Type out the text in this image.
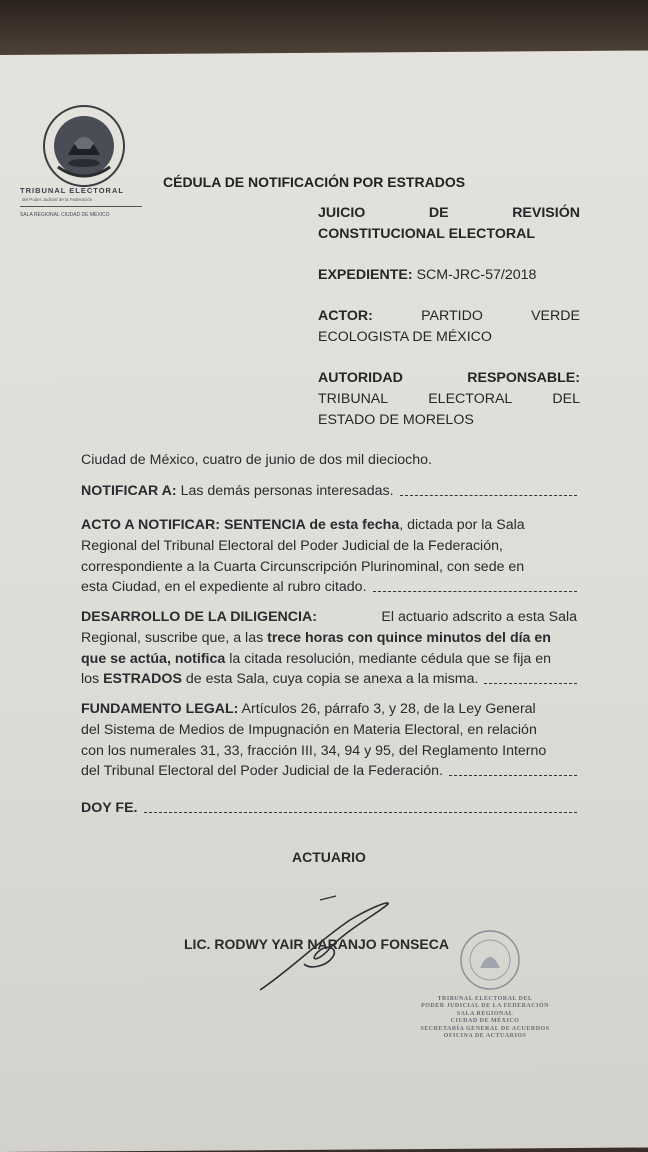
TRIBUNAL ELECTORAL
del Poder Judicial de la Federación
SALA REGIONAL CIUDAD DE MÉXICO
CÉDULA DE NOTIFICACIÓN POR ESTRADOS
JUICIO	DE	REVISIÓN
CONSTITUCIONAL ELECTORAL
EXPEDIENTE: SCM-JRC-57/2018
ACTOR:	PARTIDO	VERDE
ECOLOGISTA DE MÉXICO
AUTORIDAD	RESPONSABLE:
TRIBUNAL	ELECTORAL	DEL
ESTADO DE MORELOS
Ciudad de México, cuatro de junio de dos mil dieciocho.
NOTIFICAR A: Las demás personas interesadas.
ACTO A NOTIFICAR: SENTENCIA de esta fecha, dictada por la Sala
Regional del Tribunal Electoral del Poder Judicial de la Federación,
correspondiente a la Cuarta Circunscripción Plurinominal, con sede en
esta Ciudad, en el expediente al rubro citado.
DESARROLLO DE LA DILIGENCIA:	El actuario adscrito a esta Sala
Regional, suscribe que, a las trece horas con quince minutos del día en
que se actúa, notifica la citada resolución, mediante cédula que se fija en
los ESTRADOS de esta Sala, cuya copia se anexa a la misma.
FUNDAMENTO LEGAL: Artículos 26, párrafo 3, y 28, de la Ley General
del Sistema de Medios de Impugnación en Materia Electoral, en relación
con los numerales 31, 33, fracción III, 34, 94 y 95, del Reglamento Interno
del Tribunal Electoral del Poder Judicial de la Federación.
DOY FE.
ACTUARIO
LIC. RODWY YAIR NARANJO FONSECA
TRIBUNAL ELECTORAL DEL
PODER JUDICIAL DE LA FEDERACIÓN
SALA REGIONAL
CIUDAD DE MÉXICO
SECRETARÍA GENERAL DE ACUERDOS
OFICINA DE ACTUARIOS
